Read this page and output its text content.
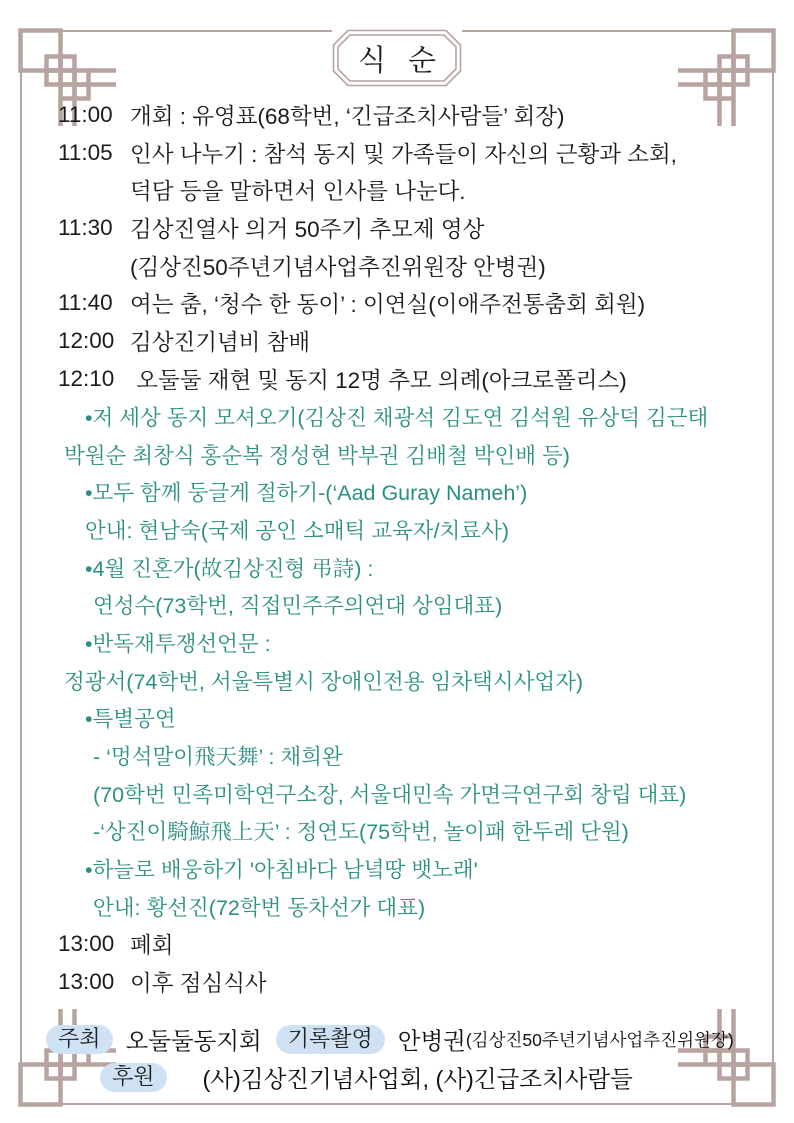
식 순
11:00 개회 : 유영표(68학번, ‘긴급조치사람들’ 회장)
11:05 인사 나누기 : 참석 동지 및 가족들이 자신의 근황과 소회,
덕담 등을 말하면서 인사를 나눈다.
11:30 김상진열사 의거 50주기 추모제 영상
(김상진50주년기념사업추진위원장 안병권)
11:40 여는 춤, ‘청수 한 동이’ : 이연실(이애주전통춤회 회원)
12:00 김상진기념비 참배
12:10 오둘둘 재현 및 동지 12명 추모 의례(아크로폴리스)
•저 세상 동지 모셔오기(김상진 채광석 김도연 김석원 유상덕 김근태
박원순 최창식 홍순복 정성현 박부권 김배철 박인배 등)
•모두 함께 둥글게 절하기-(‘Aad Guray Nameh’)
안내: 현남숙(국제 공인 소매틱 교육자/치료사)
•4월 진혼가(故김상진형 弔詩) :
연성수(73학번, 직접민주주의연대 상임대표)
•반독재투쟁선언문 :
정광서(74학번, 서울특별시 장애인전용 임차택시사업자)
•특별공연
- ‘멍석말이飛天舞’ : 채희완
(70학번 민족미학연구소장, 서울대민속 가면극연구회 창립 대표)
-‘상진이騎鯨飛上天’ : 정연도(75학번, 놀이패 한두레 단원)
•하늘로 배웅하기 '아침바다 남녘땅 뱃노래'
안내: 황선진(72학번 동차선가 대표)
13:00 폐회
13:00 이후 점심식사
주최	오둘둘동지회	기록촬영	안병권 (김상진50주년기념사업추진위원장)
후원	(사)김상진기념사업회, (사)긴급조치사람들
